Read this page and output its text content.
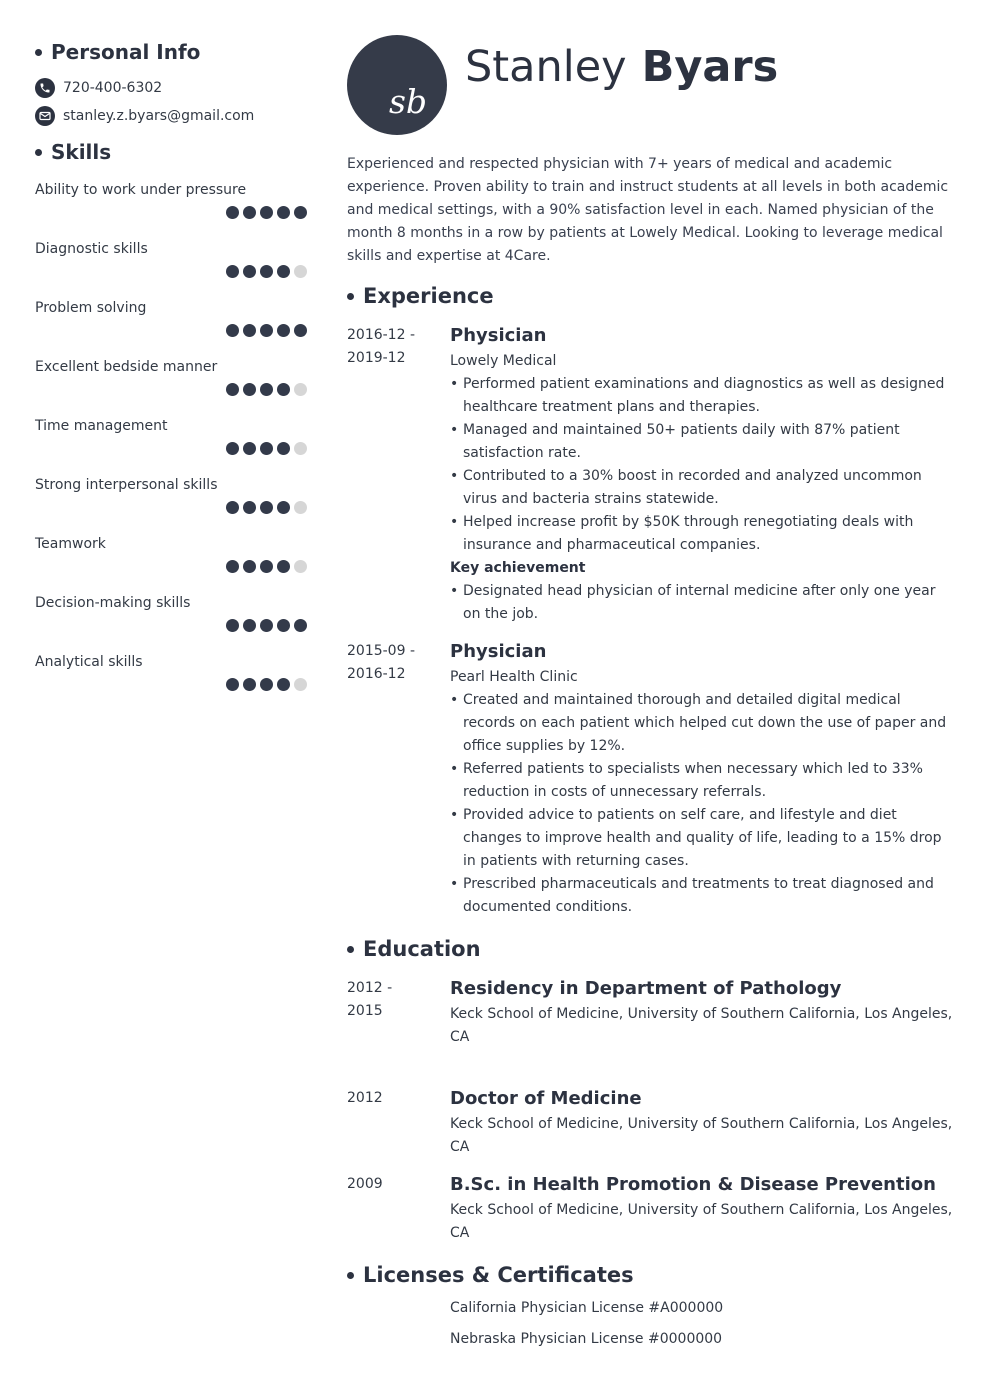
Personal Info
720-400-6302
stanley.z.byars@gmail.com
Skills
Ability to work under pressure
Diagnostic skills
Problem solving
Excellent bedside manner
Time management
Strong interpersonal skills
Teamwork
Decision-making skills
Analytical skills
sb
Stanley Byars

Experienced and respected physician with 7+ years of medical and academic experience. Proven ability to train and instruct students at all levels in both academic and medical settings, with a 90% satisfaction level in each. Named physician of the month 8 months in a row by patients at Lowely Medical. Looking to leverage medical skills and expertise at 4Care.

Experience
2016-12 -
2019-12
Physician
Lowely Medical
• Performed patient examinations and diagnostics as well as designed healthcare treatment plans and therapies.
• Managed and maintained 50+ patients daily with 87% patient satisfaction rate.
• Contributed to a 30% boost in recorded and analyzed uncommon virus and bacteria strains statewide.
• Helped increase profit by $50K through renegotiating deals with insurance and pharmaceutical companies.
Key achievement
• Designated head physician of internal medicine after only one year on the job.
2015-09 -
2016-12
Physician
Pearl Health Clinic
• Created and maintained thorough and detailed digital medical records on each patient which helped cut down the use of paper and office supplies by 12%.
• Referred patients to specialists when necessary which led to 33% reduction in costs of unnecessary referrals.
• Provided advice to patients on self care, and lifestyle and diet changes to improve health and quality of life, leading to a 15% drop in patients with returning cases.
• Prescribed pharmaceuticals and treatments to treat diagnosed and documented conditions.
Education
2012 -
2015
Residency in Department of Pathology
Keck School of Medicine, University of Southern California, Los Angeles, CA
2012	Doctor of Medicine
Keck School of Medicine, University of Southern California, Los Angeles, CA
2009	B.Sc. in Health Promotion & Disease Prevention
Keck School of Medicine, University of Southern California, Los Angeles, CA
Licenses & Certificates
California Physician License #A000000
Nebraska Physician License #0000000
